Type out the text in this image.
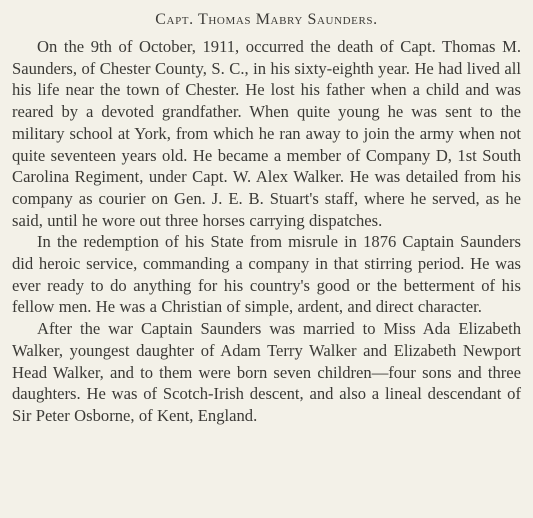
Capt. Thomas Mabry Saunders.

On the 9th of October, 1911, occurred the death of Capt. Thomas M. Saunders, of Chester County, S. C., in his sixty-eighth year. He had lived all his life near the town of Chester. He lost his father when a child and was reared by a devoted grandfather. When quite young he was sent to the military school at York, from which he ran away to join the army when not quite seventeen years old. He became a member of Company D, 1st South Carolina Regiment, under Capt. W. Alex Walker. He was detailed from his company as courier on Gen. J. E. B. Stuart's staff, where he served, as he said, until he wore out three horses carrying dispatches.

In the redemption of his State from misrule in 1876 Captain Saunders did heroic service, commanding a company in that stirring period. He was ever ready to do anything for his country's good or the betterment of his fellow men. He was a Christian of simple, ardent, and direct character.

After the war Captain Saunders was married to Miss Ada Elizabeth Walker, youngest daughter of Adam Terry Walker and Elizabeth Newport Head Walker, and to them were born seven children—four sons and three daughters. He was of Scotch-Irish descent, and also a lineal descendant of Sir Peter Osborne, of Kent, England.
